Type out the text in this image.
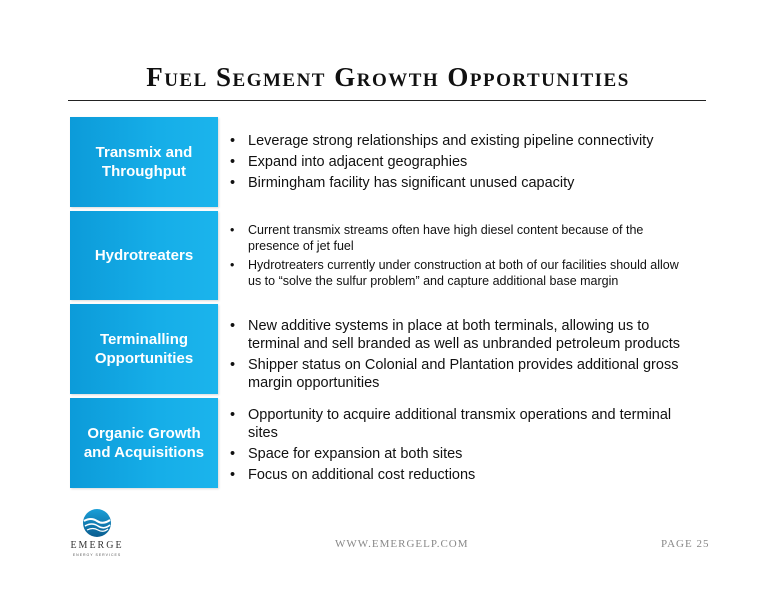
Fuel Segment Growth Opportunities
Transmix and Throughput
• Leverage strong relationships and existing pipeline connectivity
• Expand into adjacent geographies
• Birmingham facility has significant unused capacity
Hydrotreaters
• Current transmix streams often have high diesel content because of the presence of jet fuel
• Hydrotreaters currently under construction at both of our facilities should allow us to “solve the sulfur problem” and capture additional base margin
Terminalling Opportunities
• New additive systems in place at both terminals, allowing us to terminal and sell branded as well as unbranded petroleum products
• Shipper status on Colonial and Plantation provides additional gross margin opportunities
Organic Growth and Acquisitions
• Opportunity to acquire additional transmix operations and terminal sites
• Space for expansion at both sites
• Focus on additional cost reductions
EMERGE
ENERGY SERVICES
WWW.EMERGELP.COM	PAGE 25
